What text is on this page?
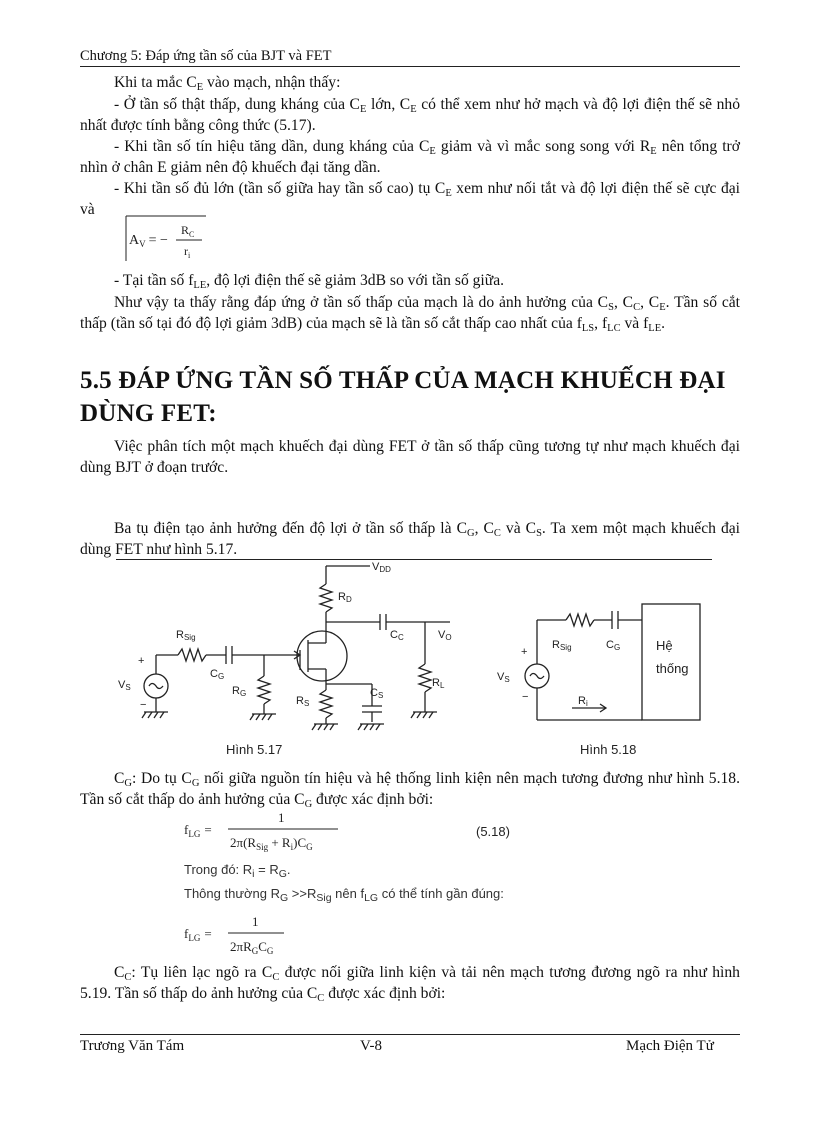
Chương 5: Đáp ứng tần số của BJT và FET
Khi ta mắc $C_E$ vào mạch, nhận thấy:
- Ở tần số thật thấp, dung kháng của $C_E$ lớn, $C_E$ có thể xem như hở mạch và độ lợi điện thế sẽ nhỏ nhất được tính bằng công thức (5.17).
- Khi tần số tín hiệu tăng dần, dung kháng của $C_E$ giảm và vì mắc song song với $R_E$ nên tổng trở nhìn ở chân E giảm nên độ khuếch đại tăng dần.
- Khi tần số đủ lớn (tần số giữa hay tần số cao) tụ $C_E$ xem như nối tắt và độ lợi điện thế sẽ cực đại và
$A_V$ = −
$R_C$
$r_i$
- Tại tần số $f_{LE}$, độ lợi điện thế sẽ giảm 3dB so với tần số giữa.
Như vậy ta thấy rằng đáp ứng ở tần số thấp của mạch là do ảnh hưởng của $C_S$, $C_C$, $C_E$. Tần số cắt thấp (tần số tại đó độ lợi giảm 3dB) của mạch sẽ là tần số cắt thấp cao nhất của $f_{LS}$, $f_{LC}$ và $f_{LE}$.
5.5 ĐÁP ỨNG TẦN SỐ THẤP CỦA MẠCH KHUẾCH ĐẠI
DÙNG FET:
Việc phân tích một mạch khuếch đại dùng FET ở tần số thấp cũng tương tự như mạch khuếch đại dùng BJT ở đoạn trước.
Ba tụ điện tạo ảnh hưởng đến độ lợi ở tần số thấp là $C_G$, $C_C$ và $C_S$. Ta xem một mạch khuếch đại dùng FET như hình 5.17.
VDD
RD
RSig
CG
CC	VO
RG
RS
CS
RL
VS
+
−
Hình 5.17
RSig	CG	Hệ
thống
VS
Ri
+
−
Hình 5.18
$C_G$: Do tụ $C_G$ nối giữa nguồn tín hiệu và hệ thống linh kiện nên mạch tương đương như hình 5.18. Tần số cắt thấp do ảnh hưởng của $C_G$ được xác định bởi:
$f_{LG}$ =
1
$2\pi(R_{Sig} + R_i)C_G$
(5.18)
Trong đó: $R_i = R_G$.
Thông thường $R_G >>R_{Sig}$ nên $f_{LG}$ có thể tính gần đúng:
$f_{LG}$ =
1
$2\pi R_GC_G$
$C_C$: Tụ liên lạc ngõ ra $C_C$ được nối giữa linh kiện và tải nên mạch tương đương ngõ ra như hình 5.19. Tần số thấp do ảnh hưởng của $C_C$ được xác định bởi:
Trương Văn Tám	V-8	Mạch Điện Tử
